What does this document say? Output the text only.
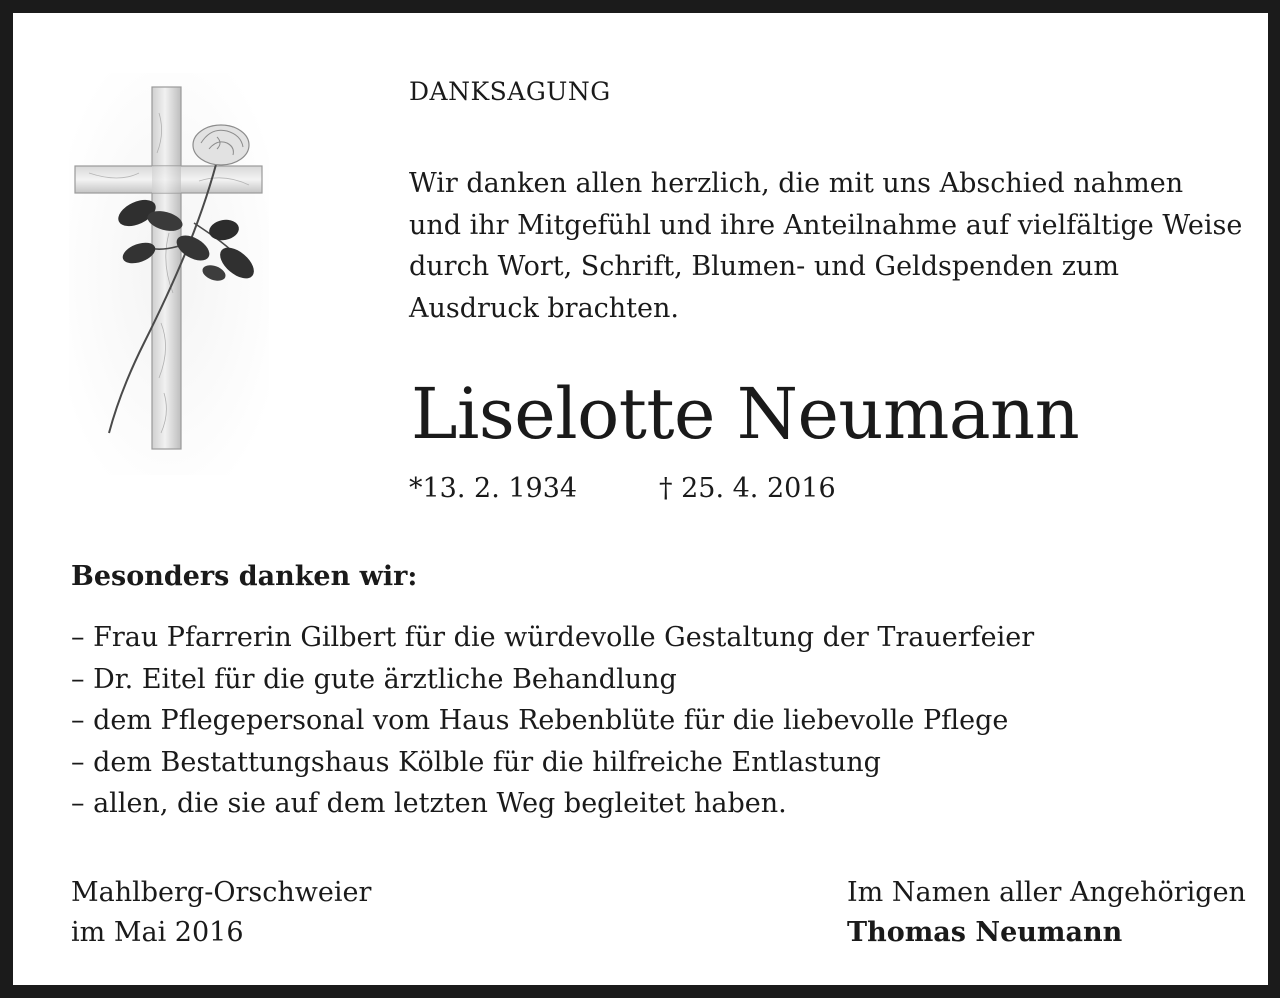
DANKSAGUNG

Wir danken allen herzlich, die mit uns Abschied nahmen
und ihr Mitgefühl und ihre Anteilnahme auf vielfältige Weise
durch Wort, Schrift, Blumen- und Geldspenden zum
Ausdruck brachten.

Liselotte Neumann

*13. 2. 1934	† 25. 4. 2016

Besonders danken wir:

– Frau Pfarrerin Gilbert für die würdevolle Gestaltung der Trauerfeier
– Dr. Eitel für die gute ärztliche Behandlung
– dem Pflegepersonal vom Haus Rebenblüte für die liebevolle Pflege
– dem Bestattungshaus Kölble für die hilfreiche Entlastung
– allen, die sie auf dem letzten Weg begleitet haben.

Mahlberg-Orschweier
im Mai 2016

Im Namen aller Angehörigen
Thomas Neumann
